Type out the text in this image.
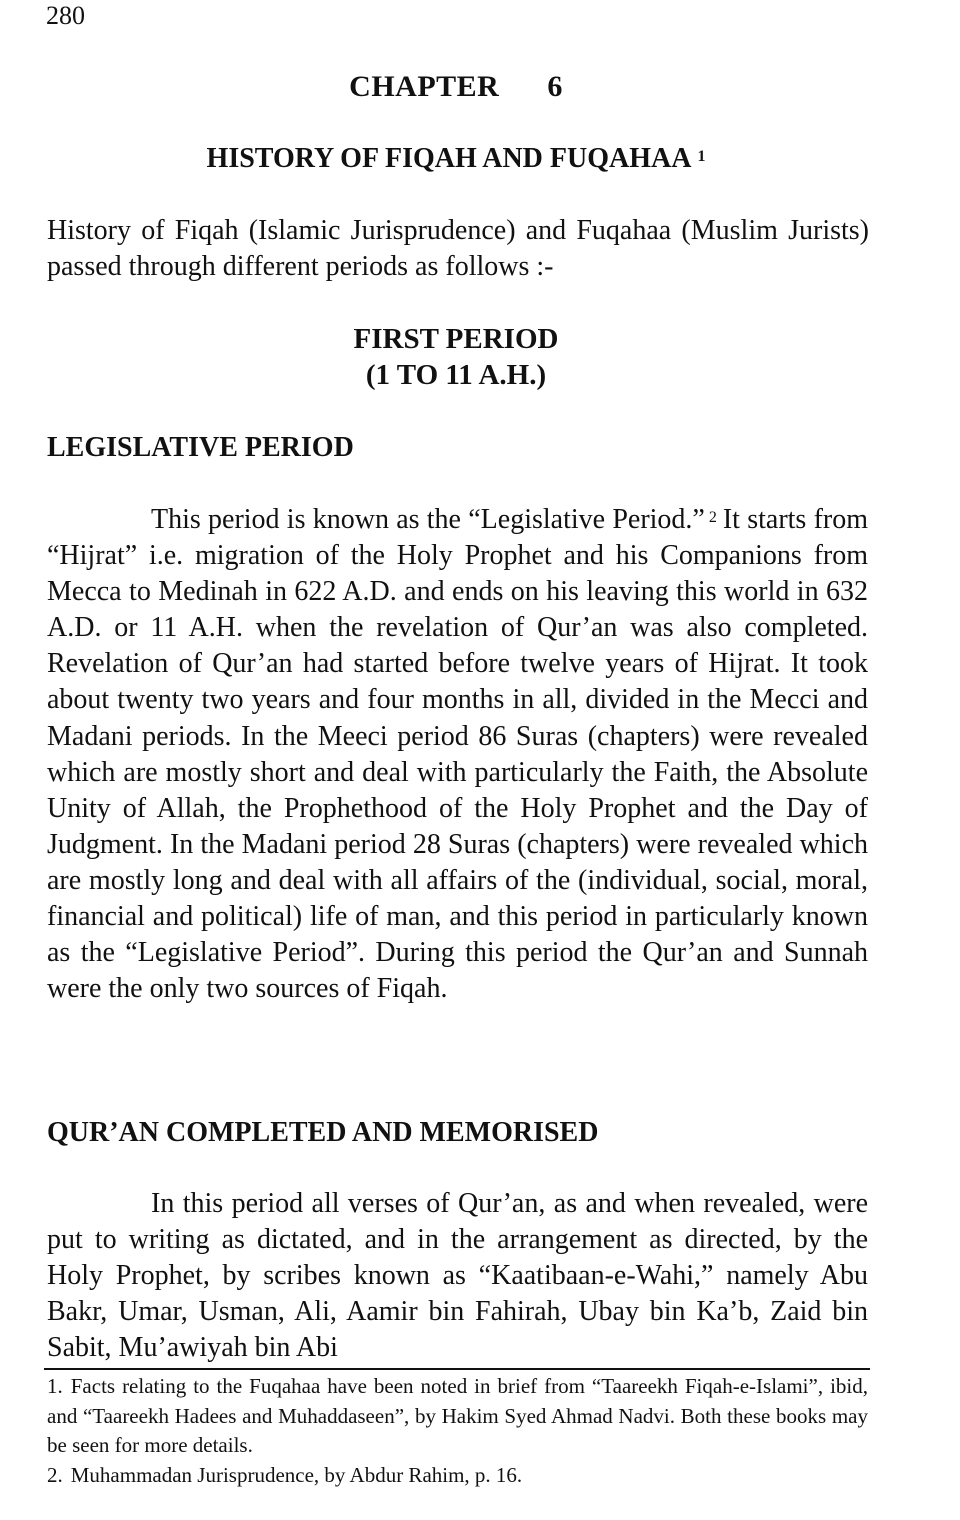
280
CHAPTER   6
HISTORY OF FIQAH AND FUQAHAA $^1$
History of Fiqah (Islamic Jurisprudence) and Fuqahaa (Muslim Jurists) passed through different periods as follows :-
FIRST PERIOD
(1 TO 11 A.H.)
LEGISLATIVE PERIOD

This period is known as the “Legislative Period.” $^2$ It starts from “Hijrat” i.e. migration of the Holy Prophet and his Companions from Mecca to Medinah in 622 A.D. and ends on his leaving this world in 632 A.D. or 11 A.H. when the revelation of Qur’an was also completed. Revelation of Qur’an had started before twelve years of Hijrat. It took about twenty two years and four months in all, divided in the Mecci and Madani periods. In the Meeci period 86 Suras (chapters) were revealed which are mostly short and deal with particularly the Faith, the Absolute Unity of Allah, the Prophethood of the Holy Prophet and the Day of Judgment. In the Madani period 28 Suras (chapters) were revealed which are mostly long and deal with all affairs of the (individual, social, moral, financial and political) life of man, and this period in particularly known as the “Legislative Period”. During this period the Qur’an and Sunnah were the only two sources of Fiqah.

QUR’AN COMPLETED AND MEMORISED

In this period all verses of Qur’an, as and when revealed, were put to writing as dictated, and in the arrangement as directed, by the Holy Prophet, by scribes known as “Kaatibaan-e-Wahi,” namely Abu Bakr, Umar, Usman, Ali, Aamir bin Fahirah, Ubay bin Ka’b, Zaid bin Sabit, Mu’awiyah bin Abi

1. Facts relating to the Fuqahaa have been noted in brief from “Taareekh Fiqah-e-Islami”, ibid, and “Taareekh Hadees and Muhaddaseen”, by Hakim Syed Ahmad Nadvi. Both these books may be seen for more details.

2. Muhammadan Jurisprudence, by Abdur Rahim, p. 16.
